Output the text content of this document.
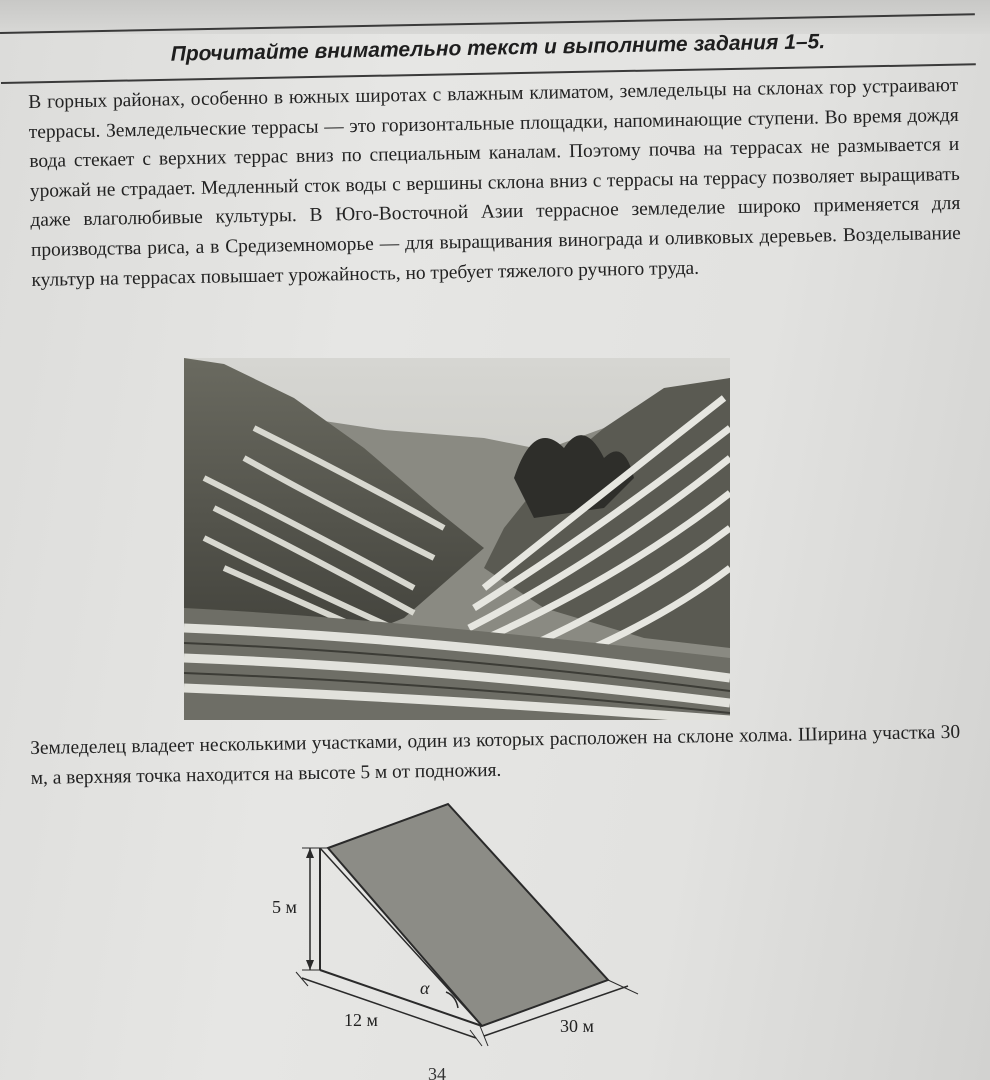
Прочитайте внимательно текст и выполните задания 1–5.
В горных районах, особенно в южных широтах с влажным климатом, земледельцы на склонах гор устраивают террасы. Земледельческие террасы — это горизонтальные площадки, напоминающие ступени. Во время дождя вода стекает с верхних террас вниз по специальным каналам. Поэтому почва на террасах не размывается и урожай не страдает. Медленный сток воды с вершины склона вниз с террасы на террасу позволяет выращивать даже влаголюбивые культуры. В Юго-Восточной Азии террасное земледелие широко применяется для производства риса, а в Средиземноморье — для выращивания винограда и оливковых деревьев. Возделывание культур на террасах повышает урожайность, но требует тяжелого ручного труда.
Земледелец владеет несколькими участками, один из которых расположен на склоне холма. Ширина участка 30 м, а верхняя точка находится на высоте 5 м от подножия.
5 м
12 м	30 м
α
34
